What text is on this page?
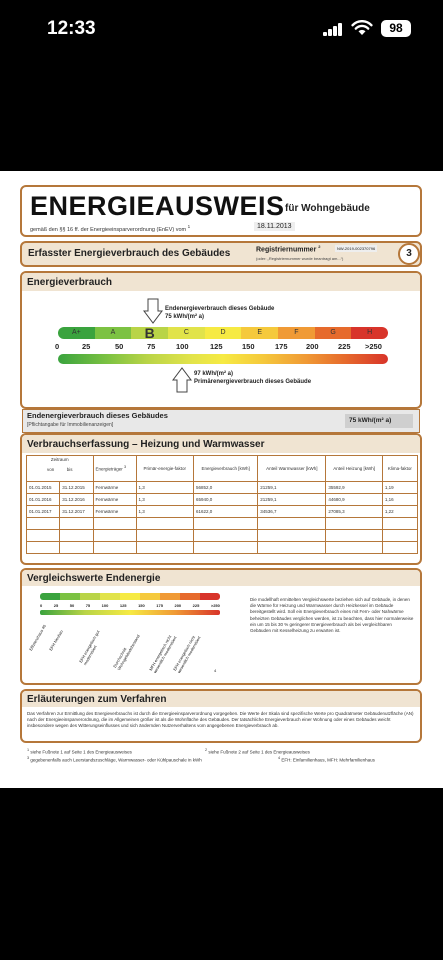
12:33	98
ENERGIEAUSWEIS für Wohngebäude
gemäß den §§ 16 ff. der Energieeinsparverordnung (EnEV) vom $^1$	18.11.2013
Erfasster Energieverbrauch des Gebäudes	Registriernummer $^2$	NW-2019-002370796
(oder: „Registriernummer wurde beantragt am...“)	3
Energieverbrauch
Endenergieverbrauch dieses Gebäude
75 kWh/(m² a)
A+	A	B	C	D	E	F	G	H
0	25	50	75	100	125	150	175 200	225 >250
97 kWh/(m² a)
Primärenergieverbrauch dieses Gebäude
Endenergieverbrauch dieses Gebäudes
[Pflichtangabe für Immobilienanzeigen]
75 kWh/(m² a)
Verbrauchserfassung – Heizung und Warmwasser
Zeitraum

von bis		Energieträger $^3$	Primär-energie-faktor	Energieverbrauch [kWh]	Anteil Warmwasser [kWh]	Anteil Heizung [kWh]	Klima-faktor
01.01.2015	31.12.2015	Fernwärme	1,3	56852,0	21259,1	35592,9	1,19
01.01.2016	31.12.2016	Fernwärme	1,3	65940,0	21259,1	44680,9	1,16
01.01.2017	31.12.2017	Fernwärme	1,3	61622,0	34536,7	27085,3	1,22

Vergleichswerte Endenergie
0	25	50	75	100	125	150	175	200	225	>250
Effizienzhaus 40 EFH Neubau	EFH energetisch gut modernisiert	Durchschnitt Wohngebäudebestand	MFH energetisch nicht wesentlich modernisiert
EFH energetisch nicht wesentlich modernisiert	4
Die modellhaft ermittelten Vergleichswerte beziehen sich auf Gebäude, in denen die Wärme für Heizung und Warmwasser durch Heizkessel im Gebäude bereitgestellt wird. Soll ein Energieverbrauch eines mit Fern- oder Nahwärme beheizten Gebäudes verglichen werden, ist zu beachten, dass hier normalerweise ein um 15 bis 30 % geringerer Energieverbrauch als bei vergleichbaren Gebäuden mit Kesselheizung zu erwarten ist.
Erläuterungen zum Verfahren
Das Verfahren zur Ermittlung des Energieverbrauchs ist durch die Energieeinsparverordnung vorgegeben. Die Werte der Skala sind spezifische Werte pro Quadratmeter Gebäudenutzfläche (AN) nach der Energieeinsparverordnung, die im Allgemeinen größer ist als die Wohnfläche des Gebäudes. Der tatsächliche Energieverbrauch einer Wohnung oder eines Gebäudes weicht insbesondere wegen des Witterungseinflusses und sich ändernden Nutzerverhaltens vom angegebenen Energieverbrauch ab.
$^1$ siehe Fußnote 1 auf Seite 1 des Energieausweises	$^2$ siehe Fußnote 2 auf Seite 1 des Energieausweises
$^3$ gegebenenfalls auch Leerstandszuschläge, Warmwasser- oder Kühlpauschale in kWh	$^4$ EFH: Einfamilienhaus, MFH: Mehrfamilienhaus
